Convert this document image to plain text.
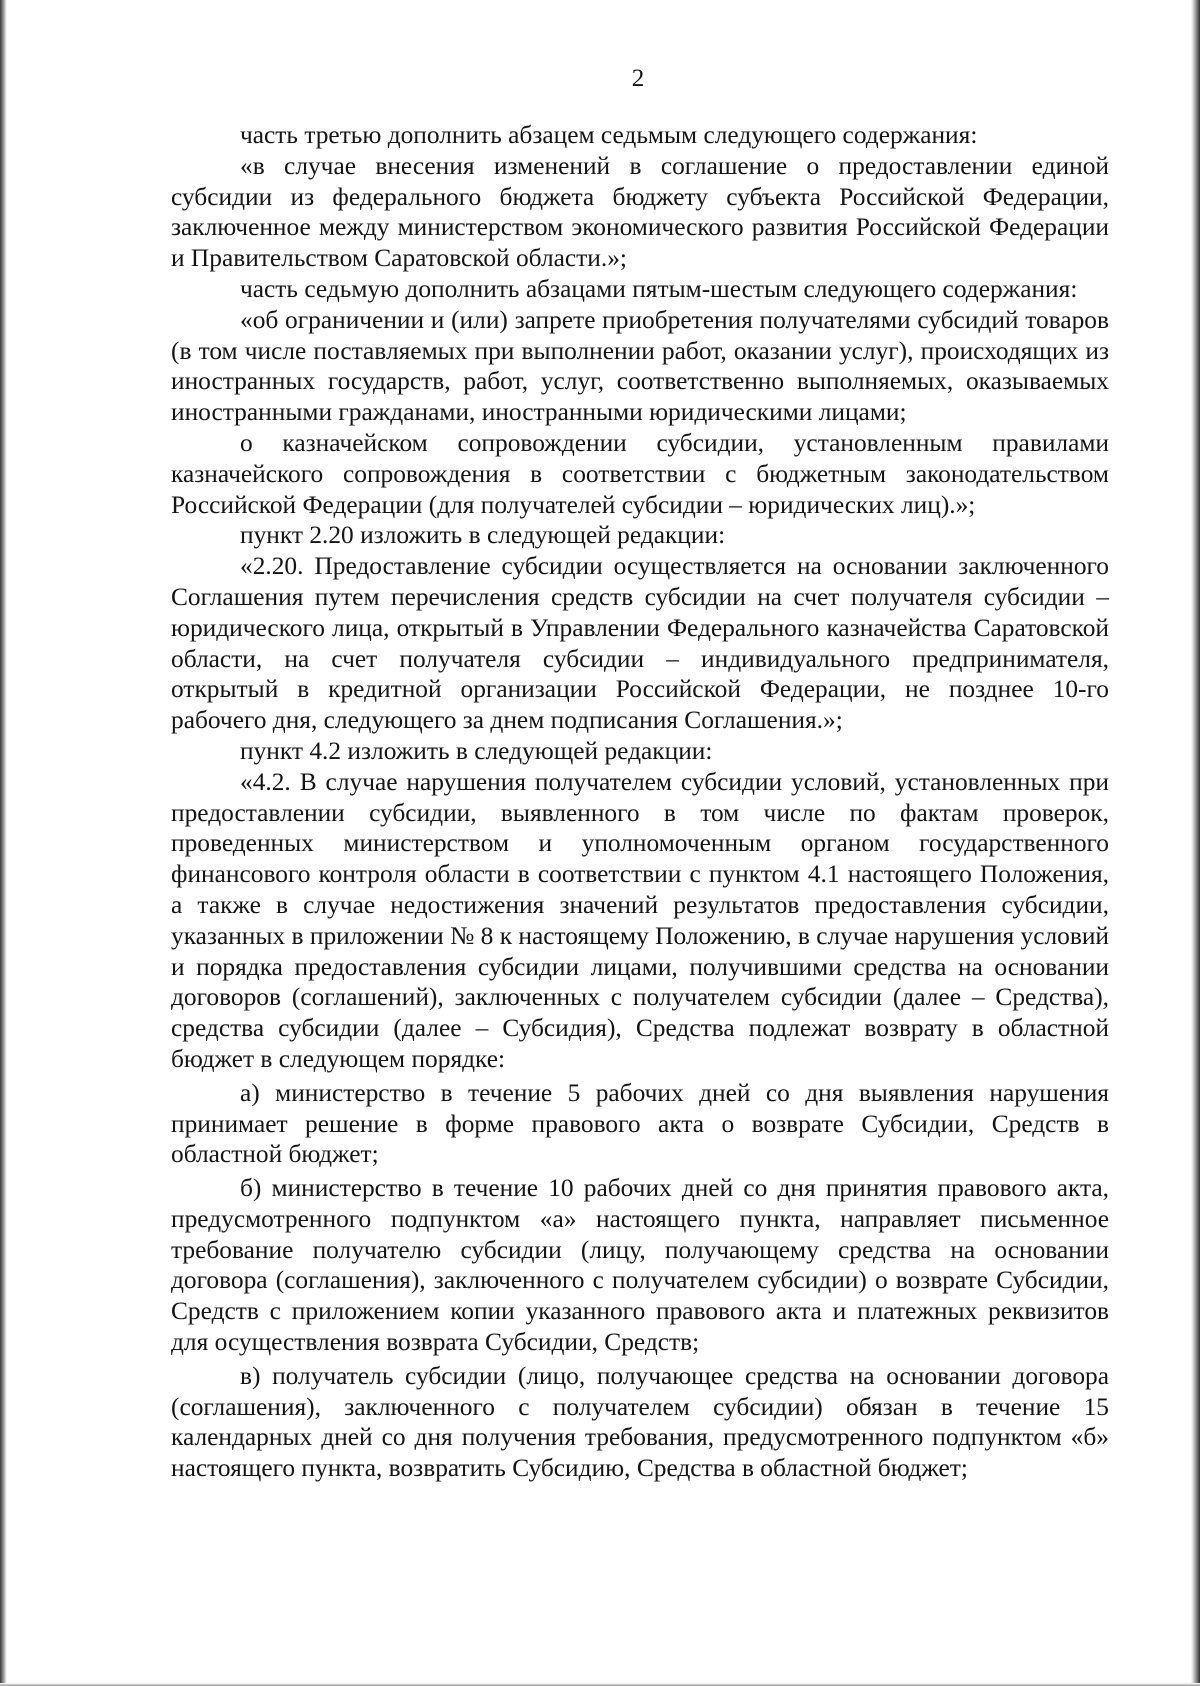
2

часть третью дополнить абзацем седьмым следующего содержания:

«в случае внесения изменений в соглашение о предоставлении единой субсидии из федерального бюджета бюджету субъекта Российской Федерации, заключенное между министерством экономического развития Российской Федерации и Правительством Саратовской области.»;

часть седьмую дополнить абзацами пятым-шестым следующего содержания:

«об ограничении и (или) запрете приобретения получателями субсидий товаров (в том числе поставляемых при выполнении работ, оказании услуг), происходящих из иностранных государств, работ, услуг, соответственно выполняемых, оказываемых иностранными гражданами, иностранными юридическими лицами;

о казначейском сопровождении субсидии, установленным правилами казначейского сопровождения в соответствии с бюджетным законодательством Российской Федерации (для получателей субсидии – юридических лиц).»;

пункт 2.20 изложить в следующей редакции:

«2.20. Предоставление субсидии осуществляется на основании заключенного Соглашения путем перечисления средств субсидии на счет получателя субсидии – юридического лица, открытый в Управлении Федерального казначейства Саратовской области, на счет получателя субсидии – индивидуального предпринимателя, открытый в кредитной организации Российской Федерации, не позднее 10-го рабочего дня, следующего за днем подписания Соглашения.»;

пункт 4.2 изложить в следующей редакции:

«4.2. В случае нарушения получателем субсидии условий, установленных при предоставлении субсидии, выявленного в том числе по фактам проверок, проведенных министерством и уполномоченным органом государственного финансового контроля области в соответствии с пунктом 4.1 настоящего Положения, а также в случае недостижения значений результатов предоставления субсидии, указанных в приложении № 8 к настоящему Положению, в случае нарушения условий и порядка предоставления субсидии лицами, получившими средства на основании договоров (соглашений), заключенных с получателем субсидии (далее – Средства), средства субсидии (далее – Субсидия), Средства подлежат возврату в областной бюджет в следующем порядке:

а) министерство в течение 5 рабочих дней со дня выявления нарушения принимает решение в форме правового акта о возврате Субсидии, Средств в областной бюджет;

б) министерство в течение 10 рабочих дней со дня принятия правового акта, предусмотренного подпунктом «а» настоящего пункта, направляет письменное требование получателю субсидии (лицу, получающему средства на основании договора (соглашения), заключенного с получателем субсидии) о возврате Субсидии, Средств с приложением копии указанного правового акта и платежных реквизитов для осуществления возврата Субсидии, Средств;

в) получатель субсидии (лицо, получающее средства на основании договора (соглашения), заключенного с получателем субсидии) обязан в течение 15 календарных дней со дня получения требования, предусмотренного подпунктом «б» настоящего пункта, возвратить Субсидию, Средства в областной бюджет;
